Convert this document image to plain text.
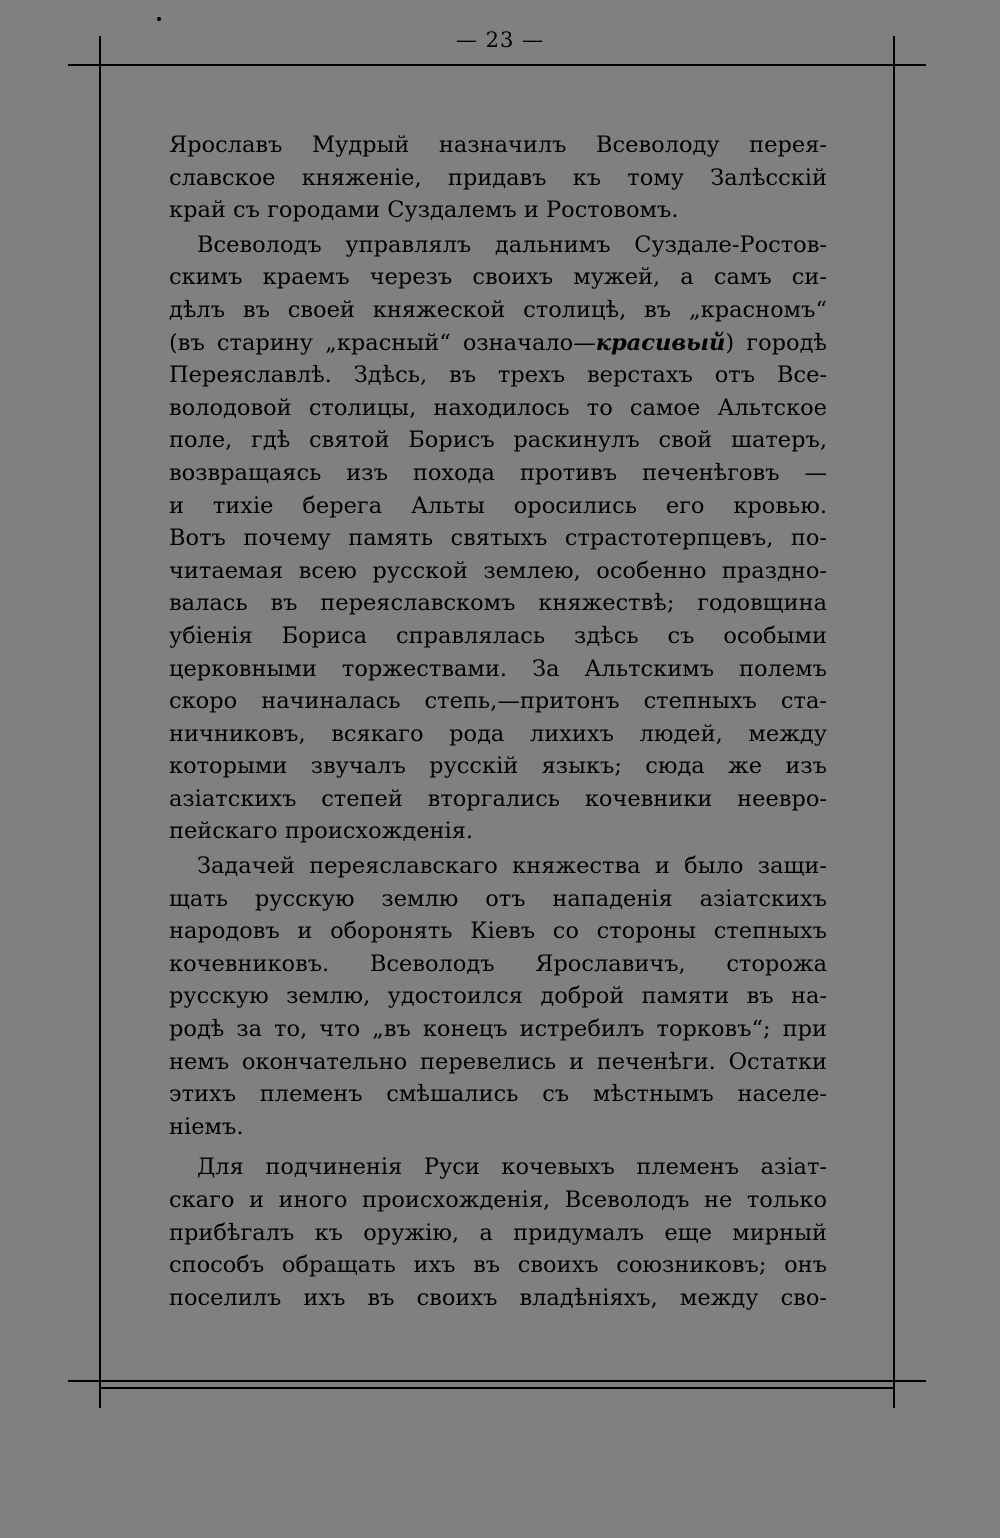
— 23 —
Ярославъ Мудрый назначилъ Всеволоду перея-
славское княженіе, придавъ къ тому Залѣсскій
край съ городами Суздалемъ и Ростовомъ.
Всеволодъ управлялъ дальнимъ Суздале-Ростов-
скимъ краемъ черезъ своихъ мужей, а самъ си-
дѣлъ въ своей княжеской столицѣ, въ „красномъ“
(въ старину „красный“ означало—красивый) городѣ
Переяславлѣ. Здѣсь, въ трехъ верстахъ отъ Все-
володовой столицы, находилось то самое Альтское
поле, гдѣ святой Борисъ раскинулъ свой шатеръ,
возвращаясь изъ похода противъ печенѣговъ —
и тихіе берега Альты оросились его кровью.
Вотъ почему память святыхъ страстотерпцевъ, по-
читаемая всею русской землею, особенно праздно-
валась въ переяславскомъ княжествѣ; годовщина
убіенія Бориса справлялась здѣсь съ особыми
церковными торжествами. За Альтскимъ полемъ
скоро начиналась степь,—притонъ степныхъ ста-
ничниковъ, всякаго рода лихихъ людей, между
которыми звучалъ русскій языкъ; сюда же изъ
азіатскихъ степей вторгались кочевники неевро-
пейскаго происхожденія.
Задачей переяславскаго княжества и было защи-
щать русскую землю отъ нападенія азіатскихъ
народовъ и оборонять Кіевъ со стороны степныхъ
кочевниковъ. Всеволодъ Ярославичъ, сторожа
русскую землю, удостоился доброй памяти въ на-
родѣ за то, что „въ конецъ истребилъ торковъ“; при
немъ окончательно перевелись и печенѣги. Остатки
этихъ племенъ смѣшались съ мѣстнымъ населе-
ніемъ.
Для подчиненія Руси кочевыхъ племенъ азіат-
скаго и иного происхожденія, Всеволодъ не только
прибѣгалъ къ оружію, а придумалъ еще мирный
способъ обращать ихъ въ своихъ союзниковъ; онъ
поселилъ ихъ въ своихъ владѣніяхъ, между сво-
